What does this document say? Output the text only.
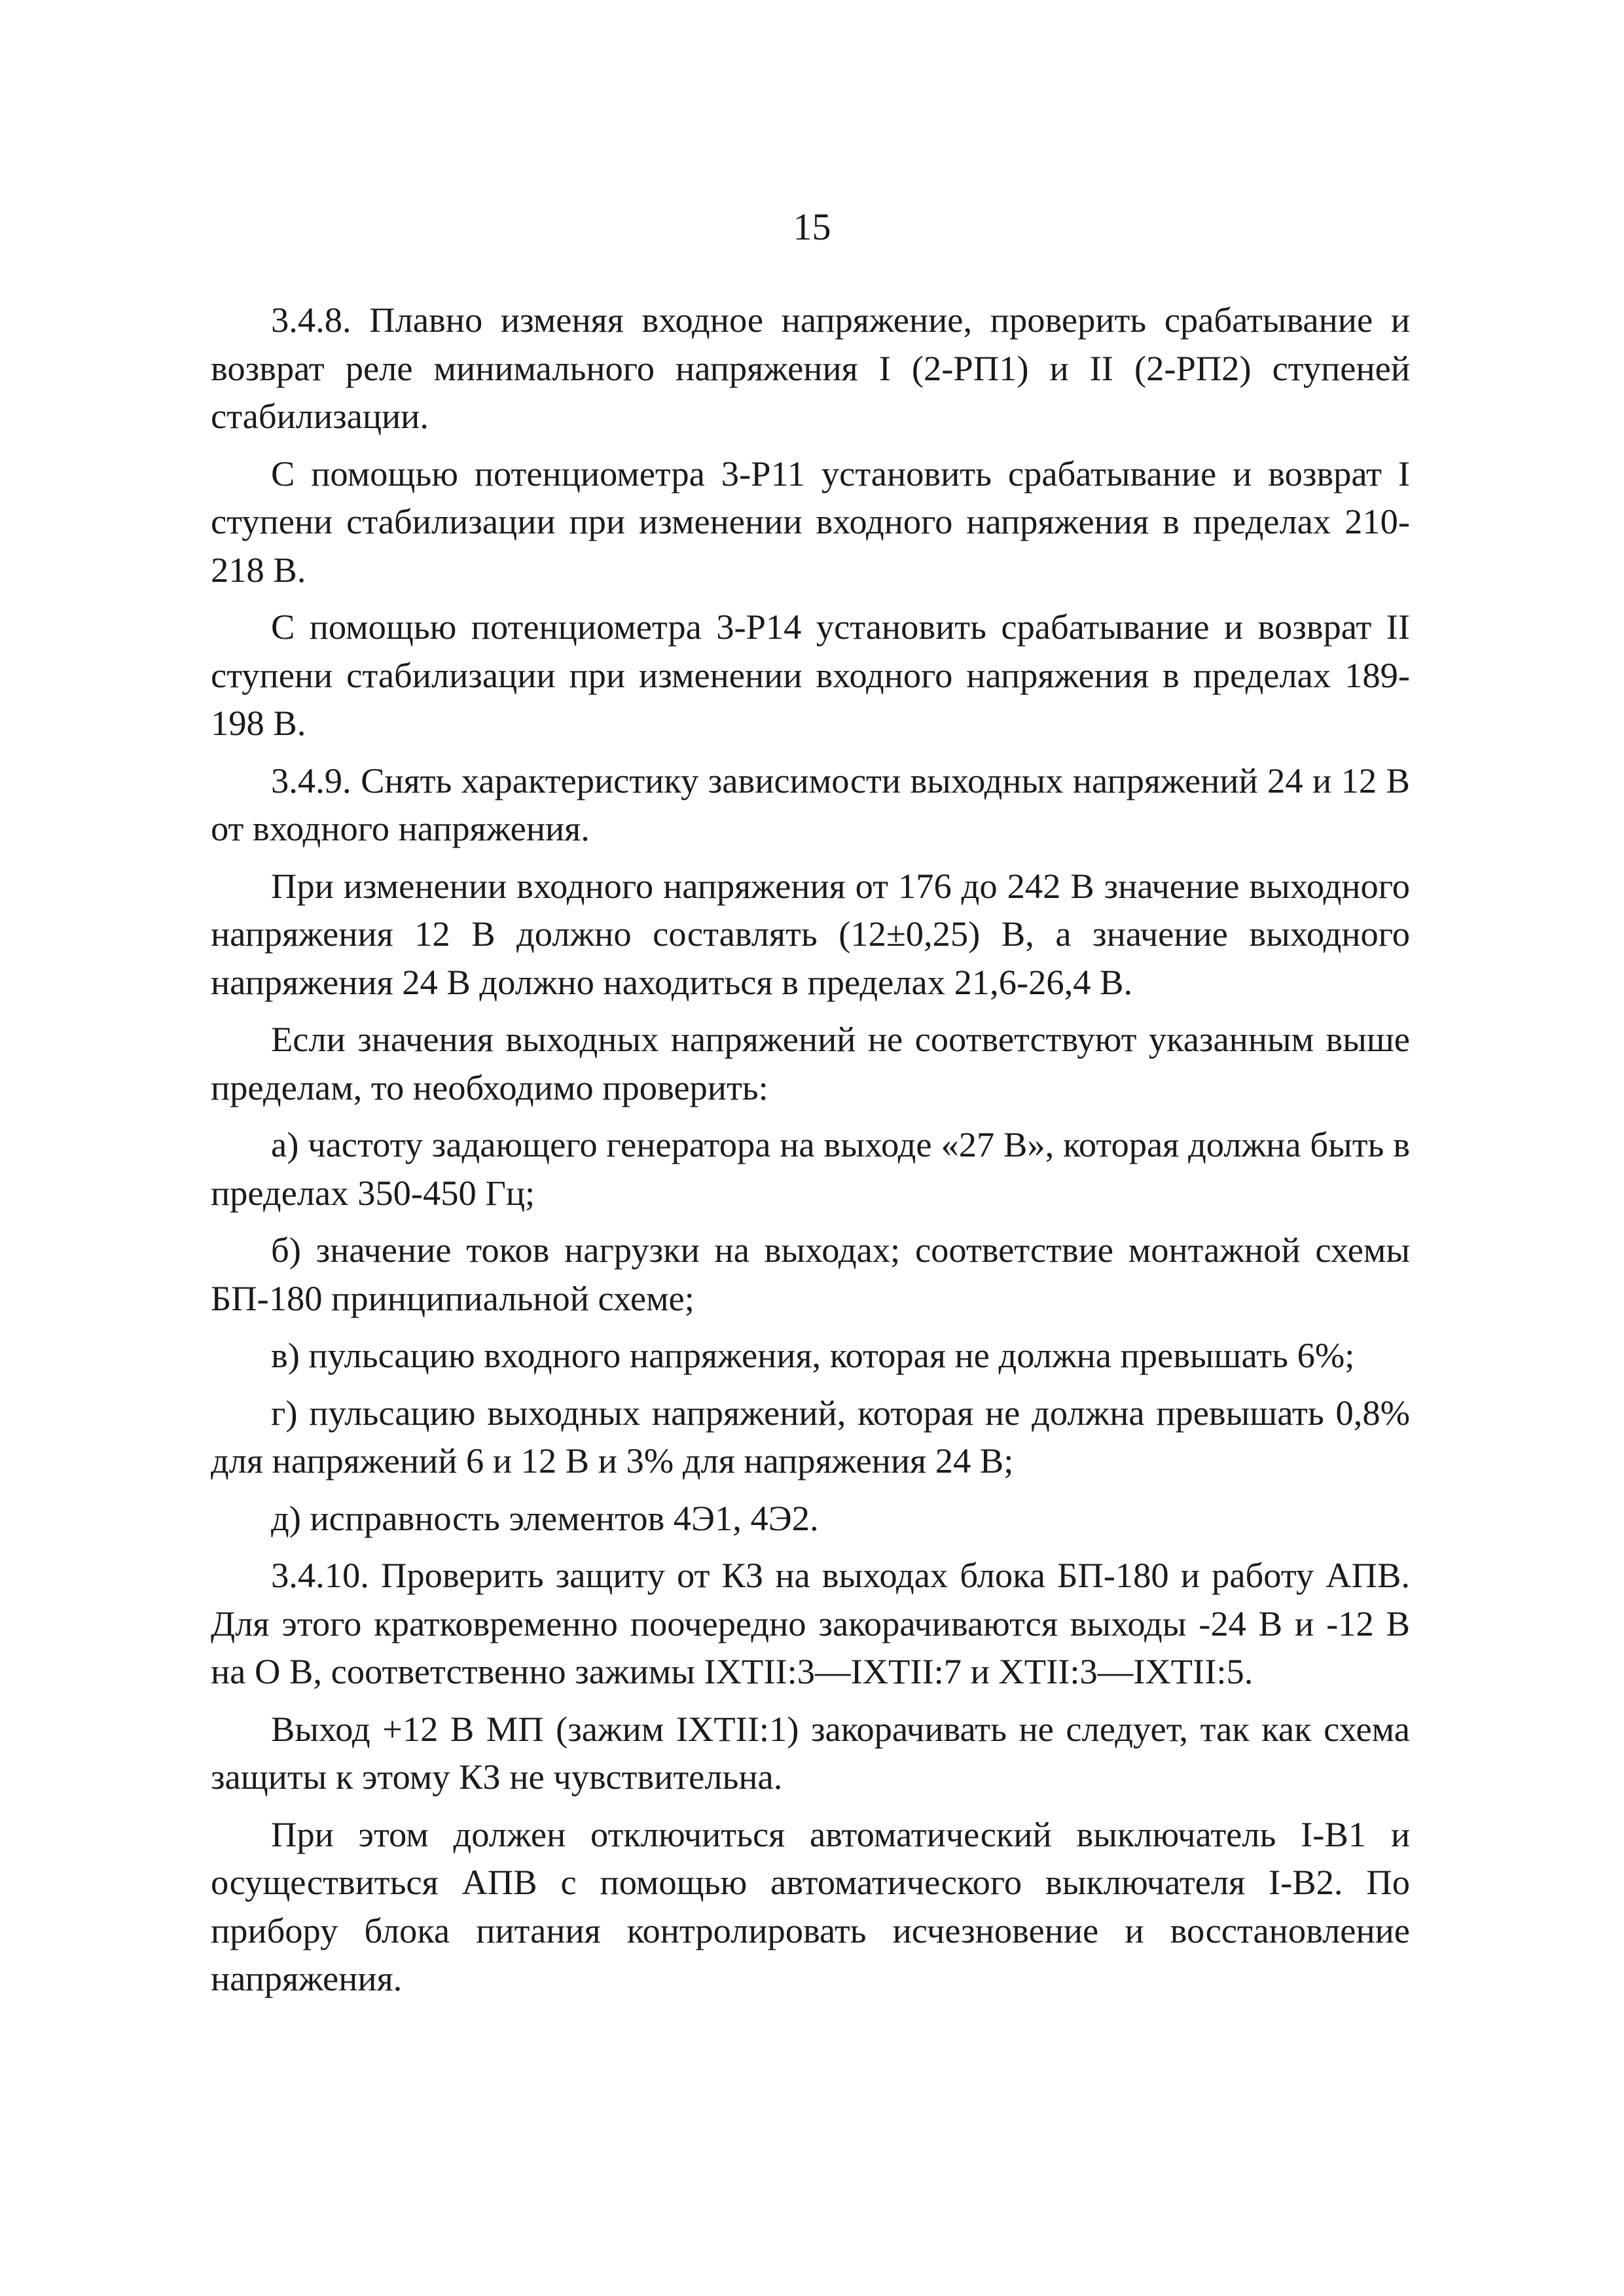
15

3.4.8. Плавно изменяя входное напряжение, проверить срабатывание и возврат реле минимального напряжения I (2-РП1) и II (2-РП2) ступеней стабилизации.

С помощью потенциометра 3-Р11 установить срабатывание и возврат I ступени стабилизации при изменении входного напряжения в пределах 210-218 В.

С помощью потенциометра 3-Р14 установить срабатывание и возврат II ступени стабилизации при изменении входного напряжения в пределах 189-198 В.

3.4.9. Снять характеристику зависимости выходных напряжений 24 и 12 В от входного напряжения.

При изменении входного напряжения от 176 до 242 В значение выходного напряжения 12 В должно составлять (12±0,25) В, а значение выходного напряжения 24 В должно находиться в пределах 21,6-26,4 В.

Если значения выходных напряжений не соответствуют указанным выше пределам, то необходимо проверить:

а) частоту задающего генератора на выходе «27 В», которая должна быть в пределах 350-450 Гц;

б) значение токов нагрузки на выходах; соответствие монтажной схемы БП-180 принципиальной схеме;

в) пульсацию входного напряжения, которая не должна превышать 6%;

г) пульсацию выходных напряжений, которая не должна превышать 0,8% для напряжений 6 и 12 В и 3% для напряжения 24 В;

д) исправность элементов 4Э1, 4Э2.

3.4.10. Проверить защиту от КЗ на выходах блока БП-180 и работу АПВ. Для этого кратковременно поочередно закорачиваются выходы -24 В и -12 В на О В, соответственно зажимы IХТII:3—IХТII:7 и ХТII:3—IХТII:5.

Выход +12 В МП (зажим IХТII:1) закорачивать не следует, так как схема защиты к этому КЗ не чувствительна.

При этом должен отключиться автоматический выключатель I-В1 и осуществиться АПВ с помощью автоматического выключателя I-В2. По прибору блока питания контролировать исчезновение и восстановление напряжения.
